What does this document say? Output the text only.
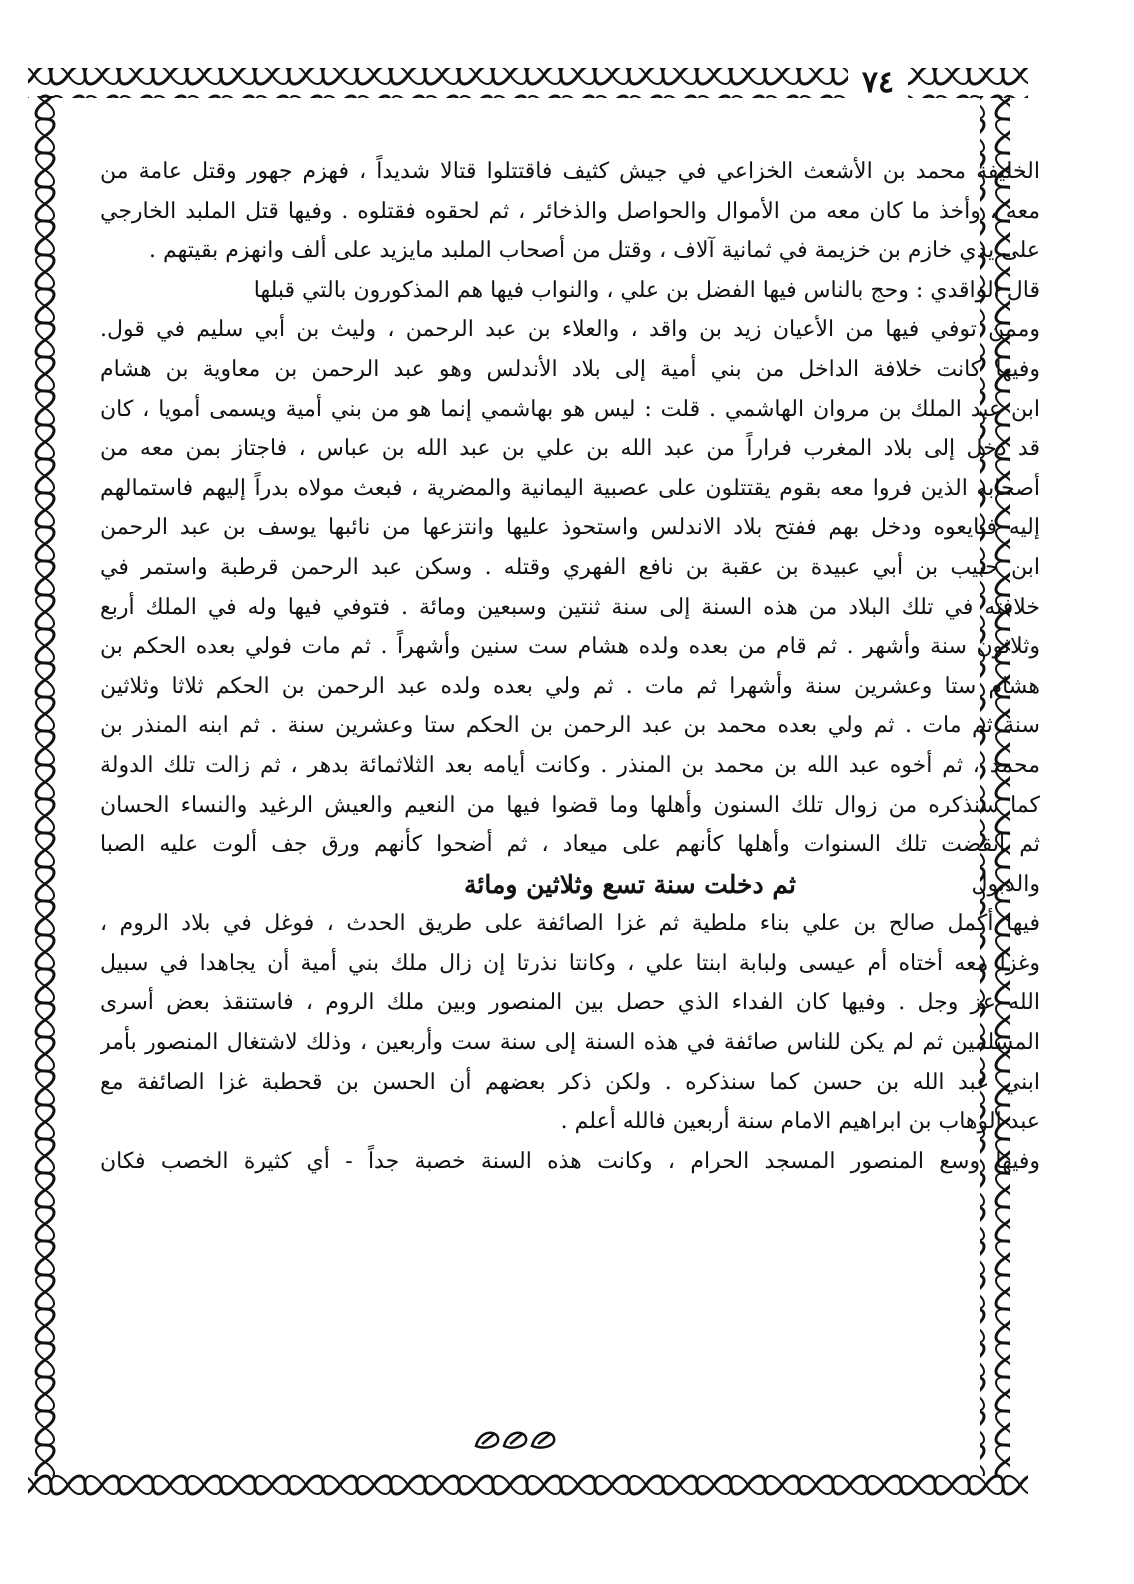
٧٤
الخليفة محمد بن الأشعث الخزاعي في جيش كثيف فاقتتلوا قتالا شديداً ، فهزم جهور وقتل عامة من
معه ، وأخذ ما كان معه من الأموال والحواصل والذخائر ، ثم لحقوه فقتلوه . وفيها قتل الملبد الخارجي
على يدي خازم بن خزيمة في ثمانية آلاف ، وقتل من أصحاب الملبد مايزيد على ألف وانهزم بقيتهم .
قال الواقدي : وحج بالناس فيها الفضل بن علي ، والنواب فيها هم المذكورون بالتي قبلها
وممن توفي فيها من الأعيان زيد بن واقد ، والعلاء بن عبد الرحمن ، وليث بن أبي سليم في قول.
وفيها كانت خلافة الداخل من بني أمية إلى بلاد الأندلس وهو عبد الرحمن بن معاوية بن هشام
ابن عبد الملك بن مروان الهاشمي . قلت : ليس هو بهاشمي إنما هو من بني أمية ويسمى أمويا ، كان
قد دخل إلى بلاد المغرب فراراً من عبد الله بن علي بن عبد الله بن عباس ، فاجتاز بمن معه من
أصحابه الذين فروا معه بقوم يقتتلون على عصبية اليمانية والمضرية ، فبعث مولاه بدراً إليهم فاستمالهم
إليه فبايعوه ودخل بهم ففتح بلاد الاندلس واستحوذ عليها وانتزعها من نائبها يوسف بن عبد الرحمن
ابن حبيب بن أبي عبيدة بن عقبة بن نافع الفهري وقتله . وسكن عبد الرحمن قرطبة واستمر في
خلافته في تلك البلاد من هذه السنة إلى سنة ثنتين وسبعين ومائة . فتوفي فيها وله في الملك أربع
وثلاثون سنة وأشهر . ثم قام من بعده ولده هشام ست سنين وأشهراً . ثم مات فولي بعده الحكم بن
هشام ستا وعشرين سنة وأشهرا ثم مات . ثم ولي بعده ولده عبد الرحمن بن الحكم ثلاثا وثلاثين
سنة ثم مات . ثم ولي بعده محمد بن عبد الرحمن بن الحكم ستا وعشرين سنة . ثم ابنه المنذر بن
محمد ، ثم أخوه عبد الله بن محمد بن المنذر . وكانت أيامه بعد الثلاثمائة بدهر ، ثم زالت تلك الدولة
كما سنذكره من زوال تلك السنون وأهلها وما قضوا فيها من النعيم والعيش الرغيد والنساء الحسان
ثم انقضت تلك السنوات وأهلها كأنهم على ميعاد ، ثم أضحوا كأنهم ورق جف ألوت عليه الصبا
والدبول
ثم دخلت سنة تسع وثلاثين ومائة
فيها أكمل صالح بن علي بناء ملطية ثم غزا الصائفة على طريق الحدث ، فوغل في بلاد الروم ،
وغزا معه أختاه أم عيسى ولبابة ابنتا علي ، وكانتا نذرتا إن زال ملك بني أمية أن يجاهدا في سبيل
الله عز وجل . وفيها كان الفداء الذي حصل بين المنصور وبين ملك الروم ، فاستنقذ بعض أسرى
المسلمين ثم لم يكن للناس صائفة في هذه السنة إلى سنة ست وأربعين ، وذلك لاشتغال المنصور بأمر
ابني عبد الله بن حسن كما سنذكره . ولكن ذكر بعضهم أن الحسن بن قحطبة غزا الصائفة مع
عبد الوهاب بن ابراهيم الامام سنة أربعين فالله أعلم .
وفيها وسع المنصور المسجد الحرام ، وكانت هذه السنة خصبة جداً - أي كثيرة الخصب فكان
